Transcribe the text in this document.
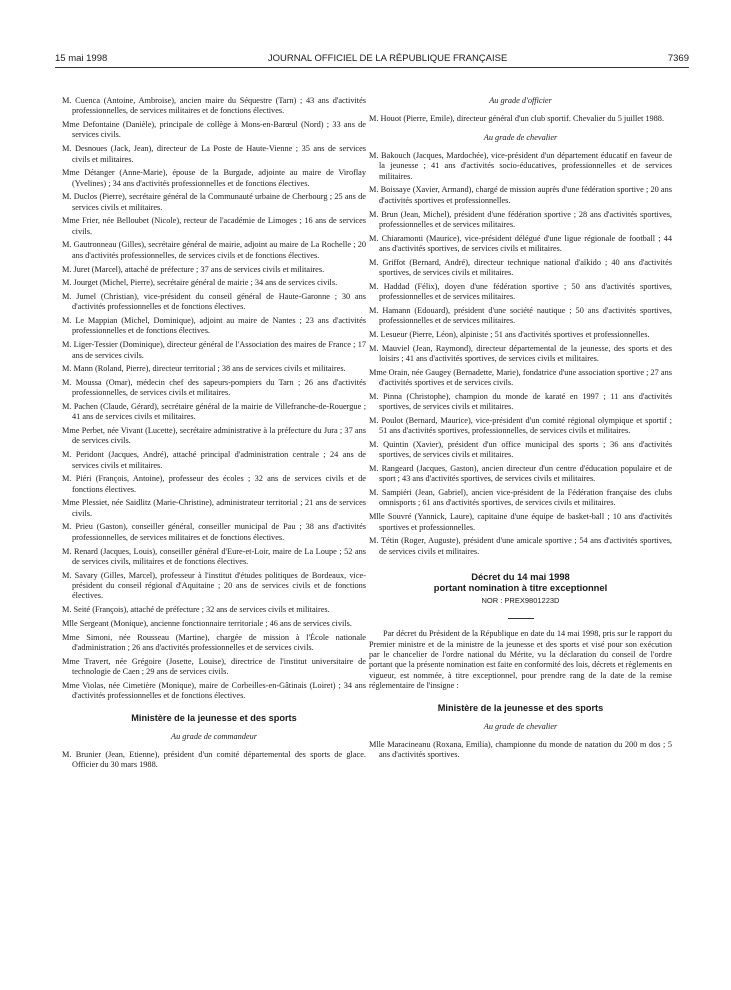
15 mai 1998	JOURNAL OFFICIEL DE LA RÉPUBLIQUE FRANÇAISE	7369

M. Cuenca (Antoine, Ambroise), ancien maire du Séquestre (Tarn) ; 43 ans d'activités professionnelles, de services militaires et de fonctions électives.

Mme Defontaine (Danièle), principale de collège à Mons-en-Barœul (Nord) ; 33 ans de services civils.

M. Desnoues (Jack, Jean), directeur de La Poste de Haute-Vienne ; 35 ans de services civils et militaires.

Mme Détanger (Anne-Marie), épouse de la Burgade, adjointe au maire de Viroflay (Yvelines) ; 34 ans d'activités professionnelles et de fonctions électives.

M. Duclos (Pierre), secrétaire général de la Communauté urbaine de Cherbourg ; 25 ans de services civils et militaires.

Mme Frier, née Belloubet (Nicole), recteur de l'académie de Limoges ; 16 ans de services civils.

M. Gautronneau (Gilles), secrétaire général de mairie, adjoint au maire de La Rochelle ; 20 ans d'activités professionnelles, de services civils et de fonctions électives.

M. Juret (Marcel), attaché de préfecture ; 37 ans de services civils et militaires.

M. Jourget (Michel, Pierre), secrétaire général de mairie ; 34 ans de services civils.

M. Jumel (Christian), vice-président du conseil général de Haute-Garonne ; 30 ans d'activités professionnelles et de fonctions électives.

M. Le Mappian (Michel, Dominique), adjoint au maire de Nantes ; 23 ans d'activités professionnelles et de fonctions électives.

M. Liger-Tessier (Dominique), directeur général de l'Association des maires de France ; 17 ans de services civils.

M. Mann (Roland, Pierre), directeur territorial ; 38 ans de services civils et militaires.

M. Moussa (Omar), médecin chef des sapeurs-pompiers du Tarn ; 26 ans d'activités professionnelles, de services civils et militaires.

M. Pachen (Claude, Gérard), secrétaire général de la mairie de Villefranche-de-Rouergue ; 41 ans de services civils et militaires.

Mme Perbet, née Vivant (Lucette), secrétaire administrative à la préfecture du Jura ; 37 ans de services civils.

M. Peridont (Jacques, André), attaché principal d'administration centrale ; 24 ans de services civils et militaires.

M. Piéri (François, Antoine), professeur des écoles ; 32 ans de services civils et de fonctions électives.

Mme Plessiet, née Saidlitz (Marie-Christine), administrateur territorial ; 21 ans de services civils.

M. Prieu (Gaston), conseiller général, conseiller municipal de Pau ; 38 ans d'activités professionnelles, de services militaires et de fonctions électives.

M. Renard (Jacques, Louis), conseiller général d'Eure-et-Loir, maire de La Loupe ; 52 ans de services civils, militaires et de fonctions électives.

M. Savary (Gilles, Marcel), professeur à l'institut d'études politiques de Bordeaux, vice-président du conseil régional d'Aquitaine ; 20 ans de services civils et de fonctions électives.

M. Seité (François), attaché de préfecture ; 32 ans de services civils et militaires.

Mlle Sergeant (Monique), ancienne fonctionnaire territoriale ; 46 ans de services civils.

Mme Simoni, née Rousseau (Martine), chargée de mission à l'École nationale d'administration ; 26 ans d'activités professionnelles et de services civils.

Mme Travert, née Grégoire (Josette, Louise), directrice de l'institut universitaire de technologie de Caen ; 29 ans de services civils.

Mme Violas, née Cimetière (Monique), maire de Corbeilles-en-Gâtinais (Loiret) ; 34 ans d'activités professionnelles et de fonctions électives.

Ministère de la jeunesse et des sports
Au grade de commandeur

M. Brunier (Jean, Etienne), président d'un comité départemental des sports de glace. Officier du 30 mars 1988.

Au grade d'officier

M. Houot (Pierre, Emile), directeur général d'un club sportif. Chevalier du 5 juillet 1988.

Au grade de chevalier

M. Bakouch (Jacques, Mardochée), vice-président d'un département éducatif en faveur de la jeunesse ; 41 ans d'activités socio-éducatives, professionnelles et de services militaires.

M. Boissaye (Xavier, Armand), chargé de mission auprès d'une fédération sportive ; 20 ans d'activités sportives et professionnelles.

M. Brun (Jean, Michel), président d'une fédération sportive ; 28 ans d'activités sportives, professionnelles et de services militaires.

M. Chiaramonti (Maurice), vice-président délégué d'une ligue régionale de football ; 44 ans d'activités sportives, de services civils et militaires.

M. Griffot (Bernard, André), directeur technique national d'aïkido ; 40 ans d'activités sportives, de services civils et militaires.

M. Haddad (Félix), doyen d'une fédération sportive ; 50 ans d'activités sportives, professionnelles et de services militaires.

M. Hamann (Edouard), président d'une société nautique ; 50 ans d'activités sportives, professionnelles et de services militaires.

M. Lesueur (Pierre, Léon), alpiniste ; 51 ans d'activités sportives et professionnelles.

M. Mauviel (Jean, Raymond), directeur départemental de la jeunesse, des sports et des loisirs ; 41 ans d'activités sportives, de services civils et militaires.

Mme Orain, née Gaugey (Bernadette, Marie), fondatrice d'une association sportive ; 27 ans d'activités sportives et de services civils.

M. Pinna (Christophe), champion du monde de karaté en 1997 ; 11 ans d'activités sportives, de services civils et militaires.

M. Poulot (Bernard, Maurice), vice-président d'un comité régional olympique et sportif ; 51 ans d'activités sportives, professionnelles, de services civils et militaires.

M. Quintin (Xavier), président d'un office municipal des sports ; 36 ans d'activités sportives, de services civils et militaires.

M. Rangeard (Jacques, Gaston), ancien directeur d'un centre d'éducation populaire et de sport ; 43 ans d'activités sportives, de services civils et militaires.

M. Sampiéri (Jean, Gabriel), ancien vice-président de la Fédération française des clubs omnisports ; 61 ans d'activités sportives, de services civils et militaires.

Mlle Souvré (Yannick, Laure), capitaine d'une équipe de basket-ball ; 10 ans d'activités sportives et professionnelles.

M. Tétin (Roger, Auguste), président d'une amicale sportive ; 54 ans d'activités sportives, de services civils et militaires.

Décret du 14 mai 1998
portant nomination à titre exceptionnel
NOR : PREX9801223D

Par décret du Président de la République en date du 14 mai 1998, pris sur le rapport du Premier ministre et de la ministre de la jeunesse et des sports et visé pour son exécution par le chancelier de l'ordre national du Mérite, vu la déclaration du conseil de l'ordre portant que la présente nomination est faite en conformité des lois, décrets et règlements en vigueur, est nommée, à titre exceptionnel, pour prendre rang de la date de la remise réglementaire de l'insigne :

Ministère de la jeunesse et des sports
Au grade de chevalier

Mlle Maracineanu (Roxana, Emilia), championne du monde de natation du 200 m dos ; 5 ans d'activités sportives.
